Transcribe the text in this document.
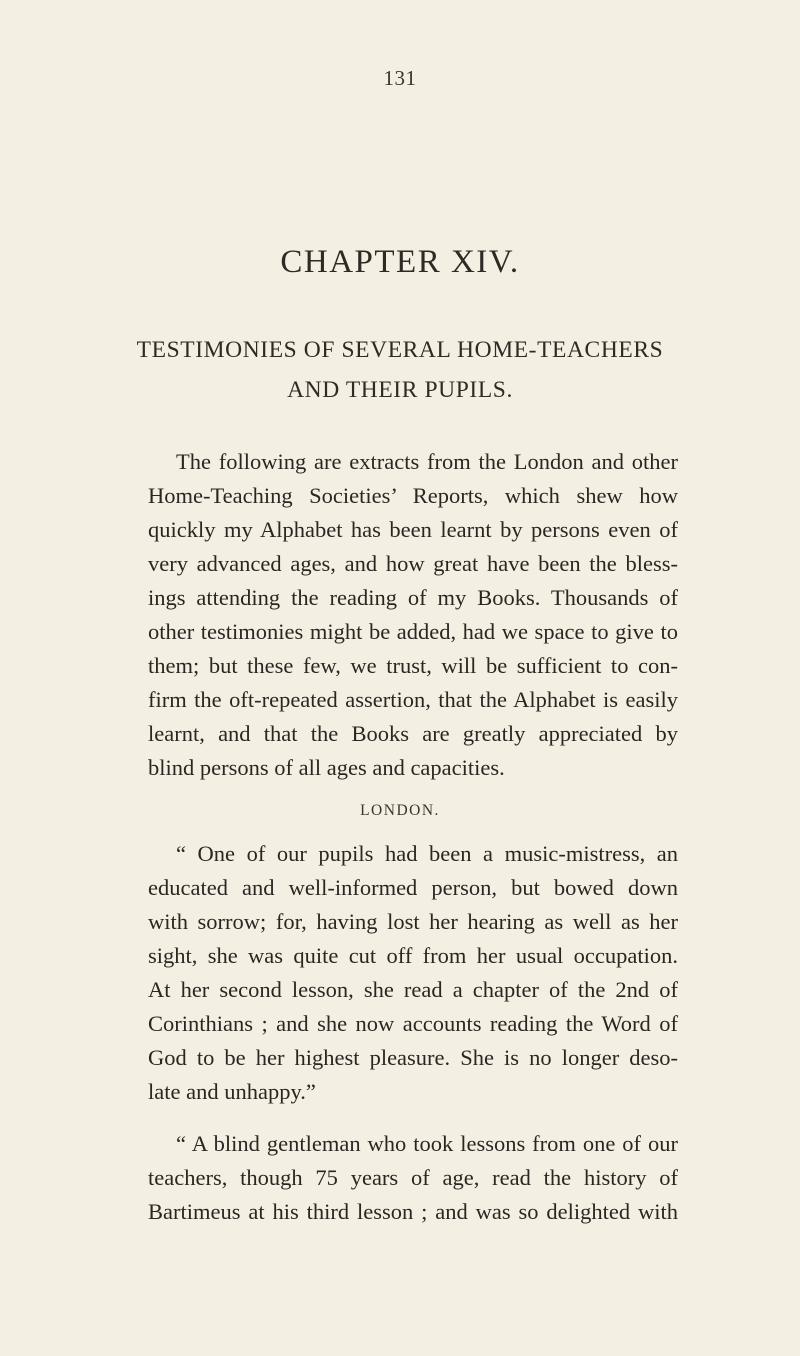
131
CHAPTER XIV.
TESTIMONIES OF SEVERAL HOME-TEACHERS
AND THEIR PUPILS.
The following are extracts from the London and other
Home-Teaching Societies’ Reports, which shew how
quickly my Alphabet has been learnt by persons even of
very advanced ages, and how great have been the bless-
ings attending the reading of my Books. Thousands of
other testimonies might be added, had we space to give to
them; but these few, we trust, will be sufficient to con-
firm the oft-repeated assertion, that the Alphabet is easily
learnt, and that the Books are greatly appreciated by
blind persons of all ages and capacities.
LONDON.
“ One of our pupils had been a music-mistress, an
educated and well-informed person, but bowed down
with sorrow; for, having lost her hearing as well as her
sight, she was quite cut off from her usual occupation.
At her second lesson, she read a chapter of the 2nd of
Corinthians ; and she now accounts reading the Word of
God to be her highest pleasure. She is no longer deso-
late and unhappy.”
“ A blind gentleman who took lessons from one of our
teachers, though 75 years of age, read the history of
Bartimeus at his third lesson ; and was so delighted with
